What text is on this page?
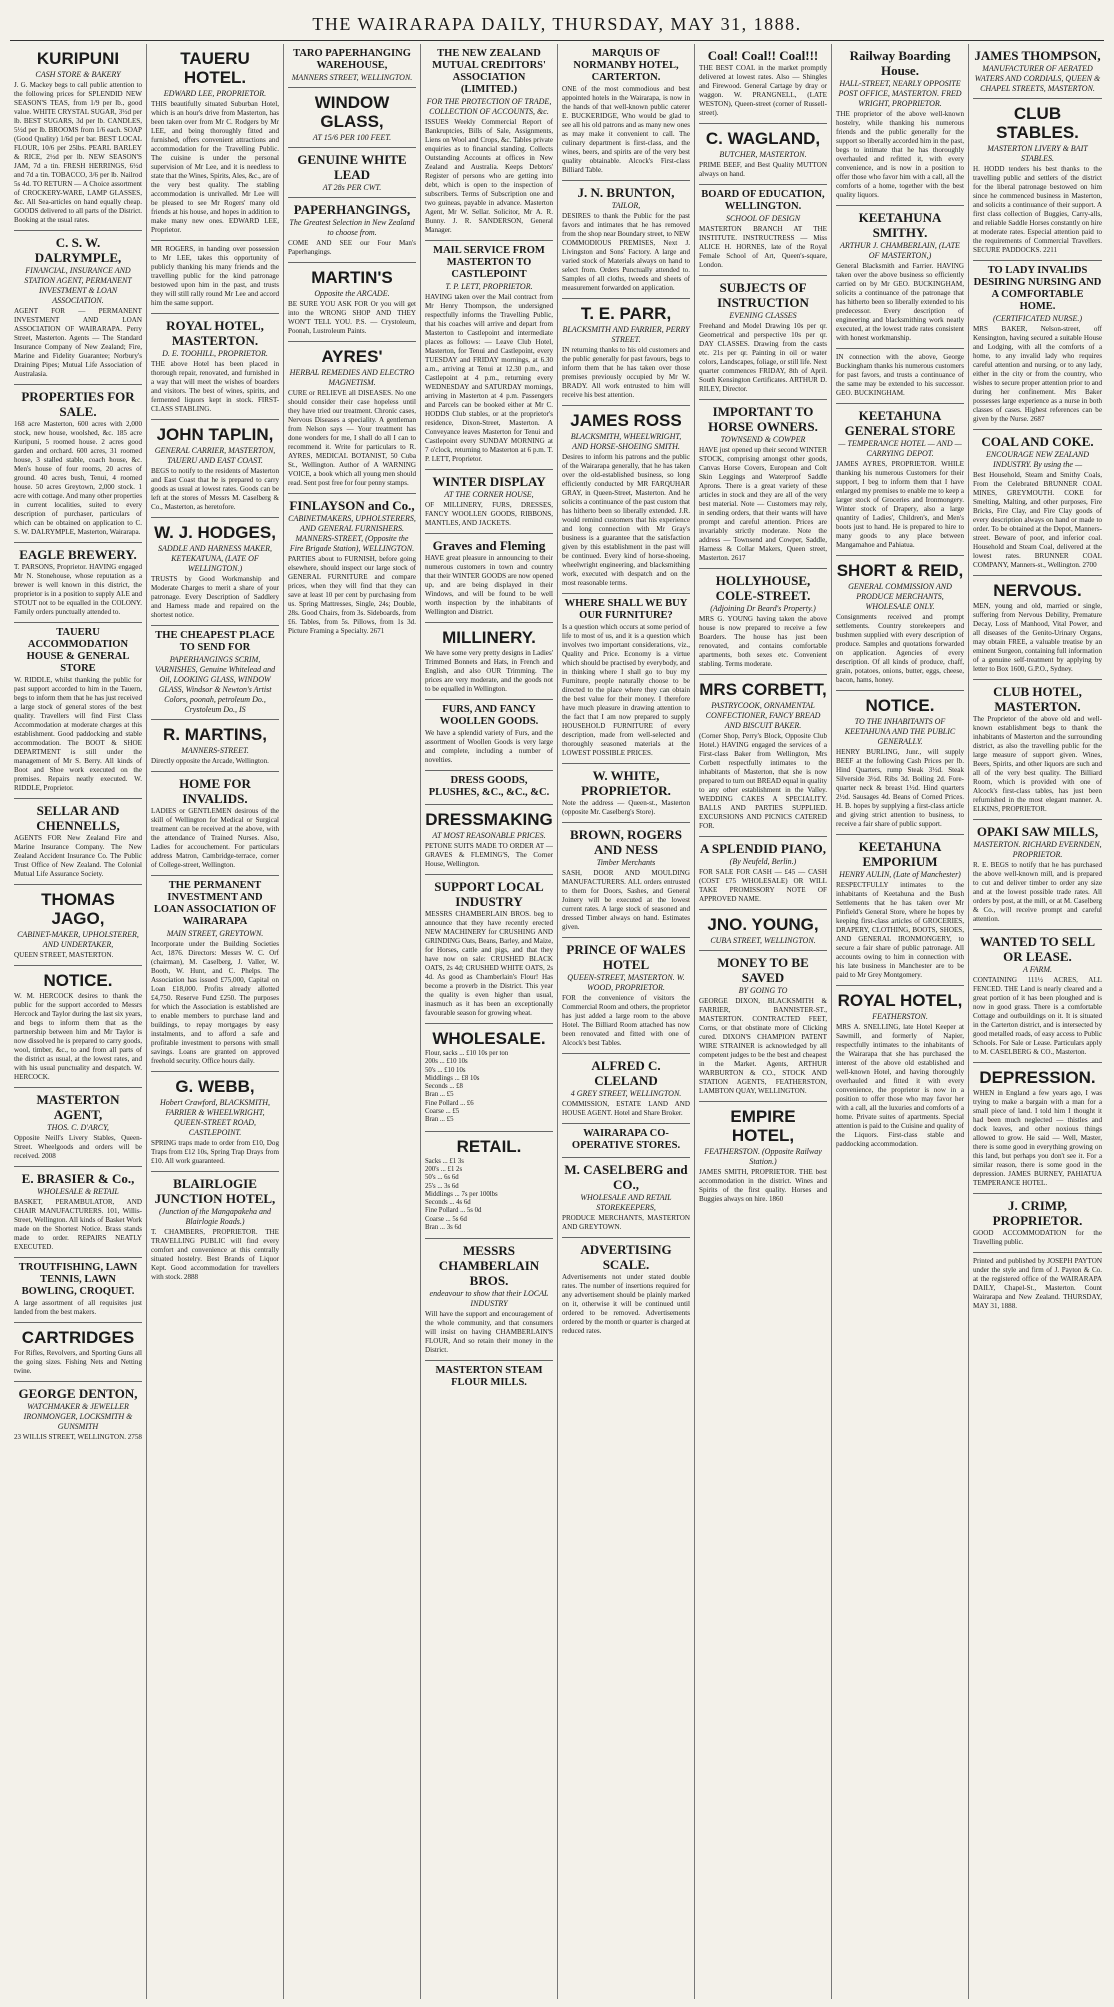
THE WAIRARAPA DAILY, THURSDAY, MAY 31, 1888.
KURIPUNI
CASH STORE & BAKERY

J. G. Mackey begs to call public attention to the following prices for SPLENDID NEW SEASON'S TEAS, from 1/9 per lb., good value. WHITE CRYSTAL SUGAR, 3½d per lb. BEST SUGARS, 3d per lb. CANDLES, 5½d per lb. BROOMS from 1/6 each. SOAP (Good Quality) 1/6d per bar. BEST LOCAL FLOUR, 10/6 per 25lbs. PEARL BARLEY & RICE, 2½d per lb. NEW SEASON'S JAM, 7d a tin. FRESH HERRINGS, 6½d and 7d a tin. TOBACCO, 3/6 per lb. Nailrod 5s 4d. TO RETURN — A Choice assortment of CROCKERY-WARE, LAMP GLASSES, &c. All Sea-articles on hand equally cheap. GOODS delivered to all parts of the District. Booking at the usual rates.

C. S. W. DALRYMPLE,
FINANCIAL, INSURANCE AND STATION AGENT, PERMANENT INVESTMENT & LOAN ASSOCIATION.

AGENT FOR — PERMANENT INVESTMENT AND LOAN ASSOCIATION OF WAIRARAPA. Perry Street, Masterton. Agents — The Standard Insurance Company of New Zealand; Fire, Marine and Fidelity Guarantee; Norbury's Draining Pipes; Mutual Life Association of Australasia.

PROPERTIES FOR SALE.

168 acre Masterton, 600 acres with 2,000 stock, new house, woolshed, &c. 185 acre Kuripuni, 5 roomed house. 2 acres good garden and orchard. 600 acres, 31 roomed house, 3 stalled stable, coach house, &c. Men's house of four rooms, 20 acres of ground. 40 acres bush, Tenui, 4 roomed house. 50 acres Greytown, 2,000 stock. 1 acre with cottage. And many other properties in current localities, suited to every description of purchaser, particulars of which can be obtained on application to C. S. W. DALRYMPLE, Masterton, Wairarapa.

EAGLE BREWERY.

T. PARSONS, Proprietor. HAVING engaged Mr N. Stonehouse, whose reputation as a brewer is well known in this district, the proprietor is in a position to supply ALE and STOUT not to be equalled in the COLONY. Family orders punctually attended to.

TAUERU ACCOMMODATION HOUSE & GENERAL STORE

W. RIDDLE, whilst thanking the public for past support accorded to him in the Tauern, begs to inform them that he has just received a large stock of general stores of the best quality. Travellers will find First Class Accommodation at moderate charges at this establishment. Good paddocking and stable accommodation. The BOOT & SHOE DEPARTMENT is still under the management of Mr S. Berry. All kinds of Boot and Shoe work executed on the premises. Repairs neatly executed. W. RIDDLE, Proprietor.

SELLAR AND CHENNELLS,

AGENTS FOR New Zealand Fire and Marine Insurance Company. The New Zealand Accident Insurance Co. The Public Trust Office of New Zealand. The Colonial Mutual Life Assurance Society.

THOMAS JAGO,
CABINET-MAKER, UPHOLSTERER, AND UNDERTAKER,

QUEEN STREET, MASTERTON.

NOTICE.

W. M. HERCOCK desires to thank the public for the support accorded to Messrs Hercock and Taylor during the last six years, and begs to inform them that as the partnership between him and Mr Taylor is now dissolved he is prepared to carry goods, wool, timber, &c., to and from all parts of the district as usual, at the lowest rates, and with his usual punctuality and despatch. W. HERCOCK.

MASTERTON AGENT,
THOS. C. D'ARCY,

Opposite Neill's Livery Stables, Queen-Street. Wheelgoods and orders will be received. 2008

E. BRASIER & Co.,
WHOLESALE & RETAIL

BASKET, PERAMBULATOR, AND CHAIR MANUFACTURERS. 101, Willis-Street, Wellington. All kinds of Basket Work made on the Shortest Notice. Brass stands made to order. REPAIRS NEATLY EXECUTED.

TROUTFISHING, LAWN TENNIS, LAWN BOWLING, CROQUET.

A large assortment of all requisites just landed from the best makers.

CARTRIDGES

For Rifles, Revolvers, and Sporting Guns all the going sizes. Fishing Nets and Netting twine.

GEORGE DENTON,
WATCHMAKER & JEWELLER IRONMONGER, LOCKSMITH & GUNSMITH

23 WILLIS STREET, WELLINGTON. 2758

TAUERU HOTEL.
EDWARD LEE, PROPRIETOR.

THIS beautifully situated Suburban Hotel, which is an hour's drive from Masterton, has been taken over from Mr C. Rodgers by Mr LEE, and being thoroughly fitted and furnished, offers convenient attractions and accommodation for the Travelling Public. The cuisine is under the personal supervision of Mr Lee, and it is needless to state that the Wines, Spirits, Ales, &c., are of the very best quality. The stabling accommodation is unrivalled. Mr Lee will be pleased to see Mr Rogers' many old friends at his house, and hopes in addition to make many new ones. EDWARD LEE, Proprietor.

MR ROGERS, in handing over possession to Mr LEE, takes this opportunity of publicly thanking his many friends and the travelling public for the kind patronage bestowed upon him in the past, and trusts they will still rally round Mr Lee and accord him the same support.

ROYAL HOTEL, MASTERTON.
D. E. TOOHILL, PROPRIETOR.

THE above Hotel has been placed in thorough repair, renovated, and furnished in a way that will meet the wishes of boarders and visitors. The best of wines, spirits, and fermented liquors kept in stock. FIRST-CLASS STABLING.

JOHN TAPLIN,
GENERAL CARRIER, MASTERTON, TAUERU AND EAST COAST.

BEGS to notify to the residents of Masterton and East Coast that he is prepared to carry goods as usual at lowest rates. Goods can be left at the stores of Messrs M. Caselberg & Co., Masterton, as heretofore.

W. J. HODGES,
SADDLE AND HARNESS MAKER, KETEKATUNA, (LATE OF WELLINGTON.)

TRUSTS by Good Workmanship and Moderate Charges to merit a share of your patronage. Every Description of Saddlery and Harness made and repaired on the shortest notice.

THE CHEAPEST PLACE TO SEND FOR
PAPERHANGINGS SCRIM, VARNISHES, Genuine Whitelead and Oil, LOOKING GLASS, WINDOW GLASS, Windsor & Newton's Artist Colors, poonah, petroleum Do., Crystoleum Do., IS
R. MARTINS,
MANNERS-STREET.

Directly opposite the Arcade, Wellington.

HOME FOR INVALIDS.

LADIES or GENTLEMEN desirous of the skill of Wellington for Medical or Surgical treatment can be received at the above, with the attendance of Trained Nurses. Also, Ladies for accouchement. For particulars address Matron, Cambridge-terrace, corner of College-street, Wellington.

THE PERMANENT INVESTMENT AND LOAN ASSOCIATION OF WAIRARAPA
MAIN STREET, GREYTOWN.

Incorporate under the Building Societies Act, 1876. Directors: Messrs W. C. Orf (chairman), M. Caselberg, J. Valler, W. Booth, W. Hunt, and C. Phelps. The Association has issued £75,000, Capital on Loan £18,000. Profits already allotted £4,750. Reserve Fund £250. The purposes for which the Association is established are to enable members to purchase land and buildings, to repay mortgages by easy instalments, and to afford a safe and profitable investment to persons with small savings. Loans are granted on approved freehold security. Office hours daily.

G. WEBB,
Hobert Crawford, BLACKSMITH, FARRIER & WHEELWRIGHT, QUEEN-STREET ROAD, CASTLEPOINT.

SPRING traps made to order from £10, Dog Traps from £12 10s, Spring Trap Drays from £10. All work guaranteed.

BLAIRLOGIE JUNCTION HOTEL,
(Junction of the Mangapakeha and Blairlogie Roads.)

T. CHAMBERS, PROPRIETOR. THE TRAVELLING PUBLIC will find every comfort and convenience at this centrally situated hostelry. Best Brands of Liquor Kept. Good accommodation for travellers with stock. 2888

TARO PAPERHANGING WAREHOUSE,
MANNERS STREET, WELLINGTON.
WINDOW GLASS,
AT 15/6 PER 100 FEET.
GENUINE WHITE LEAD
AT 28s PER CWT.
PAPERHANGINGS,
The Greatest Selection in New Zealand to choose from.

COME AND SEE our Four Man's Paperhangings.

MARTIN'S
Opposite the ARCADE.

BE SURE YOU ASK FOR Or you will get into the WRONG SHOP AND THEY WON'T TELL YOU. P.S. — Crystoleum, Poonah, Lustroleum Paints.

AYRES'
HERBAL REMEDIES AND ELECTRO MAGNETISM.

CURE or RELIEVE all DISEASES. No one should consider their case hopeless until they have tried our treatment. Chronic cases, Nervous Diseases a speciality. A gentleman from Nelson says — Your treatment has done wonders for me, I shall do all I can to recommend it. Write for particulars to R. AYRES, MEDICAL BOTANIST, 50 Cuba St., Wellington. Author of A WARNING VOICE, a book which all young men should read. Sent post free for four penny stamps.

FINLAYSON and Co.,
CABINETMAKERS, UPHOLSTERERS, AND GENERAL FURNISHERS. MANNERS-STREET, (Opposite the Fire Brigade Station), WELLINGTON.

PARTIES about to FURNISH, before going elsewhere, should inspect our large stock of GENERAL FURNITURE and compare prices, when they will find that they can save at least 10 per cent by purchasing from us. Spring Mattresses, Single, 24s; Double, 28s. Good Chairs, from 3s. Sideboards, from £6. Tables, from 5s. Pillows, from 1s 3d. Picture Framing a Specialty. 2671

THE NEW ZEALAND MUTUAL CREDITORS' ASSOCIATION (LIMITED.)
FOR THE PROTECTION OF TRADE, COLLECTION OF ACCOUNTS, &c.

ISSUES Weekly Commercial Report of Bankruptcies, Bills of Sale, Assignments, Liens on Wool and Crops, &c. Tables private enquiries as to financial standing. Collects Outstanding Accounts at offices in New Zealand and Australia. Keeps Debtors' Register of persons who are getting into debt, which is open to the inspection of subscribers. Terms of Subscription one and two guineas, payable in advance. Masterton Agent, Mr W. Sellar. Solicitor, Mr A. R. Bunny. J. R. SANDERSON, General Manager.

MAIL SERVICE FROM MASTERTON TO CASTLEPOINT
T. P. LETT, PROPRIETOR.

HAVING taken over the Mail contract from Mr Henry Thompson, the undersigned respectfully informs the Travelling Public, that his coaches will arrive and depart from Masterton to Castlepoint and intermediate places as follows: — Leave Club Hotel, Masterton, for Tenui and Castlepoint, every TUESDAY and FRIDAY mornings, at 6.30 a.m., arriving at Tenui at 12.30 p.m., and Castlepoint at 4 p.m., returning every WEDNESDAY and SATURDAY mornings, arriving in Masterton at 4 p.m. Passengers and Parcels can be booked either at Mr C. HODDS Club stables, or at the proprietor's residence, Dixon-Street, Masterton. A Conveyance leaves Masterton for Tenui and Castlepoint every SUNDAY MORNING at 7 o'clock, returning to Masterton at 6 p.m. T. P. LETT, Proprietor.

WINTER DISPLAY
AT THE CORNER HOUSE,

OF MILLINERY, FURS, DRESSES, FANCY WOOLLEN GOODS, RIBBONS, MANTLES, AND JACKETS.

Graves and Fleming

HAVE great pleasure in announcing to their numerous customers in town and country that their WINTER GOODS are now opened up, and are being displayed in their Windows, and will be found to be well worth inspection by the inhabitants of Wellington and District.

MILLINERY.

We have some very pretty designs in Ladies' Trimmed Bonnets and Hats, in French and English, and also OUR Trimming. The prices are very moderate, and the goods not to be equalled in Wellington.

FURS, AND FANCY WOOLLEN GOODS.

We have a splendid variety of Furs, and the assortment of Woollen Goods is very large and complete, including a number of novelties.

DRESS GOODS, PLUSHES, &C., &C., &C.
DRESSMAKING
AT MOST REASONABLE PRICES.

PETONE SUITS MADE TO ORDER AT — GRAVES & FLEMING'S, The Corner House, Wellington.

SUPPORT LOCAL INDUSTRY

MESSRS CHAMBERLAIN BROS. beg to announce that they have recently erected NEW MACHINERY for CRUSHING AND GRINDING Oats, Beans, Barley, and Maize, for Horses, cattle and pigs, and that they have now on sale: CRUSHED BLACK OATS, 2s 4d; CRUSHED WHITE OATS, 2s 4d. As good as Chamberlain's Flour! Has become a proverb in the District. This year the quality is even higher than usual, inasmuch as it has been an exceptionally favourable season for growing wheat.

WHOLESALE.
Flour, sacks ... £10 10s per ton
200s ... £10 10s
50's ... £10 10s
Middlings ... £8 10s
Seconds ... £8
Bran ... £5
Fine Pollard ... £6
Coarse ... £5
Bran ... £5
RETAIL.
Sacks ... £1 3s
200's ... £1 2s
50's ... 6s 6d
25's ... 3s 6d
Middlings ... 7s per 100lbs
Seconds ... 4s 6d
Fine Pollard ... 5s 0d
Coarse ... 5s 6d
Bran ... 3s 6d
MESSRS CHAMBERLAIN BROS.
endeavour to show that their LOCAL INDUSTRY

Will have the support and encouragement of the whole community, and that consumers will insist on having CHAMBERLAIN'S FLOUR, And so retain their money in the District.

MASTERTON STEAM FLOUR MILLS.
MARQUIS OF NORMANBY HOTEL, CARTERTON.

ONE of the most commodious and best appointed hotels in the Wairarapa, is now in the hands of that well-known public caterer E. BUCKERIDGE, Who would be glad to see all his old patrons and as many new ones as may make it convenient to call. The culinary department is first-class, and the wines, beers, and spirits are of the very best quality obtainable. Alcock's First-class Billiard Table.

J. N. BRUNTON,
TAILOR,

DESIRES to thank the Public for the past favors and intimates that he has removed from the shop near Boundary street, to NEW COMMODIOUS PREMISES, Next J. Livingston and Sons' Factory. A large and varied stock of Materials always on hand to select from. Orders Punctually attended to. Samples of all cloths, tweeds and sheets of measurement forwarded on application.

T. E. PARR,
BLACKSMITH AND FARRIER, PERRY STREET.

IN returning thanks to his old customers and the public generally for past favours, begs to inform them that he has taken over those premises previously occupied by Mr W. BRADY. All work entrusted to him will receive his best attention.

JAMES ROSS
BLACKSMITH, WHEELWRIGHT, AND HORSE-SHOEING SMITH.

Desires to inform his patrons and the public of the Wairarapa generally, that he has taken over the old-established business, so long efficiently conducted by MR FARQUHAR GRAY, in Queen-Street, Masterton. And he solicits a continuance of the past custom that has hitherto been so liberally extended. J.R. would remind customers that his experience and long connection with Mr Gray's business is a guarantee that the satisfaction given by this establishment in the past will be continued. Every kind of horse-shoeing, wheelwright engineering, and blacksmithing work, executed with despatch and on the most reasonable terms.

WHERE SHALL WE BUY OUR FURNITURE?

Is a question which occurs at some period of life to most of us, and it is a question which involves two important considerations, viz., Quality and Price. Economy is a virtue which should be practised by everybody, and in thinking where I shall go to buy my Furniture, people naturally choose to be directed to the place where they can obtain the best value for their money. I therefore have much pleasure in drawing attention to the fact that I am now prepared to supply HOUSEHOLD FURNITURE of every description, made from well-selected and thoroughly seasoned materials at the LOWEST POSSIBLE PRICES.

W. WHITE, PROPRIETOR.

Note the address — Queen-st., Masterton (opposite Mr. Caselberg's Store).

BROWN, ROGERS AND NESS
Timber Merchants

SASH, DOOR AND MOULDING MANUFACTURERS. ALL orders entrusted to them for Doors, Sashes, and General Joinery will be executed at the lowest current rates. A large stock of seasoned and dressed Timber always on hand. Estimates given.

PRINCE OF WALES HOTEL
QUEEN-STREET, MASTERTON. W. WOOD, PROPRIETOR.

FOR the convenience of visitors the Commercial Room and others, the proprietor has just added a large room to the above Hotel. The Billiard Room attached has now been renovated and fitted with one of Alcock's best Tables.

ALFRED C. CLELAND
4 GREY STREET, WELLINGTON.

COMMISSION, ESTATE LAND AND HOUSE AGENT. Hotel and Share Broker.

WAIRARAPA CO-OPERATIVE STORES.
M. CASELBERG and CO.,
WHOLESALE AND RETAIL STOREKEEPERS,

PRODUCE MERCHANTS, MASTERTON AND GREYTOWN.

ADVERTISING SCALE.

Advertisements not under stated double rates. The number of insertions required for any advertisement should be plainly marked on it, otherwise it will be continued until ordered to be removed. Advertisements ordered by the month or quarter is charged at reduced rates.

Coal! Coal!! Coal!!!

THE BEST COAL in the market promptly delivered at lowest rates. Also — Shingles and Firewood. General Cartage by dray or waggon. W. PRANGNELL, (LATE WESTON), Queen-street (corner of Russell-street).

C. WAGLAND,
BUTCHER, MASTERTON.

PRIME BEEF, and Best Quality MUTTON always on hand.

BOARD OF EDUCATION, WELLINGTON.
SCHOOL OF DESIGN

MASTERTON BRANCH AT THE INSTITUTE. INSTRUCTRESS — Miss ALICE H. HORNES, late of the Royal Female School of Art, Queen's-square, London.

SUBJECTS OF INSTRUCTION
EVENING CLASSES

Freehand and Model Drawing 10s per qr. Geometrical and perspective 10s per qr. DAY CLASSES. Drawing from the casts etc. 21s per qr. Painting in oil or water colors, Landscapes, foliage, or still life. Next quarter commences FRIDAY, 8th of April. South Kensington Certificates. ARTHUR D. RILEY, Director.

IMPORTANT TO HORSE OWNERS.
TOWNSEND & COWPER

HAVE just opened up their second WINTER STOCK, comprising amongst other goods, Canvas Horse Covers, European and Colt Skin Leggings and Waterproof Saddle Aprons. There is a great variety of these articles in stock and they are all of the very best material. Note — Customers may rely, in sending orders, that their wants will have prompt and careful attention. Prices are invariably strictly moderate. Note the address — Townsend and Cowper, Saddle, Harness & Collar Makers, Queen street, Masterton. 2617

HOLLYHOUSE, COLE-STREET.
(Adjoining Dr Beard's Property.)

MRS G. YOUNG having taken the above house is now prepared to receive a few Boarders. The house has just been renovated, and contains comfortable apartments, both sexes etc. Convenient stabling. Terms moderate.

MRS CORBETT,
PASTRYCOOK, ORNAMENTAL CONFECTIONER, FANCY BREAD AND BISCUIT BAKER.

(Corner Shop, Perry's Block, Opposite Club Hotel.) HAVING engaged the services of a First-class Baker from Wellington, Mrs Corbett respectfully intimates to the inhabitants of Masterton, that she is now prepared to turn out BREAD equal in quality to any other establishment in the Valley. WEDDING CAKES A SPECIALITY. BALLS AND PARTIES SUPPLIED. EXCURSIONS AND PICNICS CATERED FOR.

A SPLENDID PIANO,
(By Neufeld, Berlin.)

FOR SALE FOR CASH — £45 — CASH (COST £75 WHOLESALE) OR WILL TAKE PROMISSORY NOTE OF APPROVED NAME.

JNO. YOUNG,
CUBA STREET, WELLINGTON.
MONEY TO BE SAVED
BY GOING TO

GEORGE DIXON, BLACKSMITH & FARRIER, BANNISTER-ST., MASTERTON. CONTRACTED FEET, Corns, or that obstinate more of Clicking cured. DIXON'S CHAMPION PATENT WIRE STRAINER is acknowledged by all competent judges to be the best and cheapest in the Market. Agents, ARTHUR WARBURTON & CO., STOCK AND STATION AGENTS, FEATHERSTON, LAMBTON QUAY, WELLINGTON.

EMPIRE HOTEL,
FEATHERSTON. (Opposite Railway Station.)

JAMES SMITH, PROPRIETOR. THE best accommodation in the district. Wines and Spirits of the first quality. Horses and Buggies always on hire. 1860

Railway Boarding House.
HALL-STREET, NEARLY OPPOSITE POST OFFICE, MASTERTON. FRED WRIGHT, PROPRIETOR.

THE proprietor of the above well-known hostelry, while thanking his numerous friends and the public generally for the support so liberally accorded him in the past, begs to intimate that he has thoroughly overhauled and refitted it, with every convenience, and is now in a position to offer those who favor him with a call, all the comforts of a home, together with the best quality liquors.

KEETAHUNA SMITHY.
ARTHUR J. CHAMBERLAIN, (LATE OF MASTERTON,)

General Blacksmith and Farrier. HAVING taken over the above business so efficiently carried on by Mr GEO. BUCKINGHAM, solicits a continuance of the patronage that has hitherto been so liberally extended to his predecessor. Every description of engineering and blacksmithing work neatly executed, at the lowest trade rates consistent with honest workmanship.

IN connection with the above, George Buckingham thanks his numerous customers for past favors, and trusts a continuance of the same may be extended to his successor. GEO. BUCKINGHAM.

KEETAHUNA GENERAL STORE
— TEMPERANCE HOTEL — AND — CARRYING DEPOT.

JAMES AYRES, PROPRIETOR. WHILE thanking his numerous Customers for their support, I beg to inform them that I have enlarged my premises to enable me to keep a larger stock of Groceries and Ironmongery. Winter stock of Drapery, also a large quantity of Ladies', Children's, and Men's boots just to hand. He is prepared to hire to many goods to any place between Mangamahoe and Pahiatua.

SHORT & REID,
GENERAL COMMISSION AND PRODUCE MERCHANTS, WHOLESALE ONLY.

Consignments received and prompt settlements. Country storekeepers and bushmen supplied with every description of produce. Samples and quotations forwarded on application. Agencies of every description. Of all kinds of produce, chaff, grain, potatoes, onions, butter, eggs, cheese, bacon, hams, honey.

NOTICE.
TO THE INHABITANTS OF KEETAHUNA AND THE PUBLIC GENERALLY.

HENRY BURLING, Junr., will supply BEEF at the following Cash Prices per lb. Hind Quarters, rump Steak 3½d. Steak Silverside 3½d. Ribs 3d. Boiling 2d. Fore-quarter neck & breast 1½d. Hind quarters 2½d. Sausages 4d. Beans of Corned Prices. H. B. hopes by supplying a first-class article and giving strict attention to business, to receive a fair share of public support.

KEETAHUNA EMPORIUM
HENRY AULIN, (Late of Manchester)

RESPECTFULLY intimates to the inhabitants of Keetahuna and the Bush Settlements that he has taken over Mr Pinfield's General Store, where he hopes by keeping first-class articles of GROCERIES, DRAPERY, CLOTHING, BOOTS, SHOES, AND GENERAL IRONMONGERY, to secure a fair share of public patronage. All accounts owing to him in connection with his late business in Manchester are to be paid to Mr Grey Montgomery.

ROYAL HOTEL,
FEATHERSTON.

MRS A. SNELLING, late Hotel Keeper at Sawmill, and formerly of Napier, respectfully intimates to the inhabitants of the Wairarapa that she has purchased the interest of the above old established and well-known Hotel, and having thoroughly overhauled and fitted it with every convenience, the proprietor is now in a position to offer those who may favor her with a call, all the luxuries and comforts of a home. Private suites of apartments. Special attention is paid to the Cuisine and quality of the Liquors. First-class stable and paddocking accommodation.

JAMES THOMPSON,
MANUFACTURER OF AERATED WATERS AND CORDIALS, QUEEN & CHAPEL STREETS, MASTERTON.
CLUB STABLES.
MASTERTON LIVERY & BAIT STABLES.

H. HODD tenders his best thanks to the travelling public and settlers of the district for the liberal patronage bestowed on him since he commenced business in Masterton, and solicits a continuance of their support. A first class collection of Buggies, Carry-alls, and reliable Saddle Horses constantly on hire at moderate rates. Especial attention paid to the requirements of Commercial Travellers. SECURE PADDOCKS. 2211

TO LADY INVALIDS DESIRING NURSING AND A COMFORTABLE HOME.
(CERTIFICATED NURSE.)

MRS BAKER, Nelson-street, off Kensington, having secured a suitable House and Lodging, with all the comforts of a home, to any invalid lady who requires careful attention and nursing, or to any lady, either in the city or from the country, who wishes to secure proper attention prior to and during her confinement. Mrs Baker possesses large experience as a nurse in both classes of cases. Highest references can be given by the Nurse. 2687

COAL AND COKE.
ENCOURAGE NEW ZEALAND INDUSTRY. By using the —

Best Household, Steam and Smithy Coals, From the Celebrated BRUNNER COAL MINES, GREYMOUTH. COKE for Smelting, Malting, and other purposes, Fire Bricks, Fire Clay, and Fire Clay goods of every description always on hand or made to order. To be obtained at the Depot, Manners-street. Beware of poor, and inferior coal. Household and Steam Coal, delivered at the lowest rates. BRUNNER COAL COMPANY, Manners-st., Wellington. 2700

NERVOUS.

MEN, young and old, married or single, suffering from Nervous Debility, Premature Decay, Loss of Manhood, Vital Power, and all diseases of the Genito-Urinary Organs, may obtain FREE, a valuable treatise by an eminent Surgeon, containing full information of a genuine self-treatment by applying by letter to Box 1600, G.P.O., Sydney.

CLUB HOTEL, MASTERTON.

The Proprietor of the above old and well-known establishment begs to thank the inhabitants of Masterton and the surrounding district, as also the travelling public for the large measure of support given. Wines, Beers, Spirits, and other liquors are such and all of the very best quality. The Billiard Room, which is provided with one of Alcock's first-class tables, has just been refurnished in the most elegant manner. A. ELKINS, PROPRIETOR.

OPAKI SAW MILLS,
MASTERTON. RICHARD EVERNDEN, PROPRIETOR.

R. E. BEGS to notify that he has purchased the above well-known mill, and is prepared to cut and deliver timber to order any size and at the lowest possible trade rates. All orders by post, at the mill, or at M. Caselberg & Co., will receive prompt and careful attention.

WANTED TO SELL OR LEASE.
A FARM.

CONTAINING 111½ ACRES, ALL FENCED. THE Land is nearly cleared and a great portion of it has been ploughed and is now in good grass. There is a comfortable Cottage and outbuildings on it. It is situated in the Carterton district, and is intersected by good metalled roads, of easy access to Public Schools. For Sale or Lease. Particulars apply to M. CASELBERG & CO., Masterton.

DEPRESSION.

WHEN in England a few years ago, I was trying to make a bargain with a man for a small piece of land. I told him I thought it had been much neglected — thistles and dock leaves, and other noxious things allowed to grow. He said — Well, Master, there is some good in everything growing on this land, but perhaps you don't see it. For a similar reason, there is some good in the depression. JAMES BURNEY, PAHIATUA TEMPERANCE HOTEL.

J. CRIMP, PROPRIETOR.

GOOD ACCOMMODATION for the Travelling public.

Printed and published by JOSEPH PAYTON under the style and firm of J. Payton & Co. at the registered office of the WAIRARAPA DAILY, Chapel-St., Masterton. Count Wairarapa and New Zealand. THURSDAY, MAY 31, 1888.
